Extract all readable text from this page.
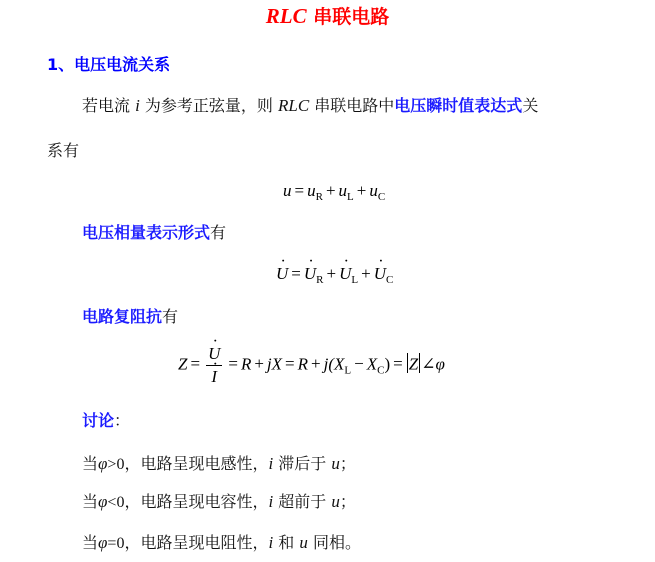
RLC 串联电路
1、电压电流关系
若电流 i 为参考正弦量，则 RLC 串联电路中电压瞬时值表达式关
系有
$u = u_R + u_L + u_C$
电压相量表示形式有
· U = · $U_R$ + · $U_L$ + · $U_C$
电路复阻抗有
Z = · U
· I = R + jX = $R + j(X_L - X_C) = Z$ ∠φ
讨论：
当φ>0，电路呈现电感性，i 滞后于 u；
当φ<0，电路呈现电容性，i 超前于 u；
当φ=0，电路呈现电阻性，i 和 u 同相。
